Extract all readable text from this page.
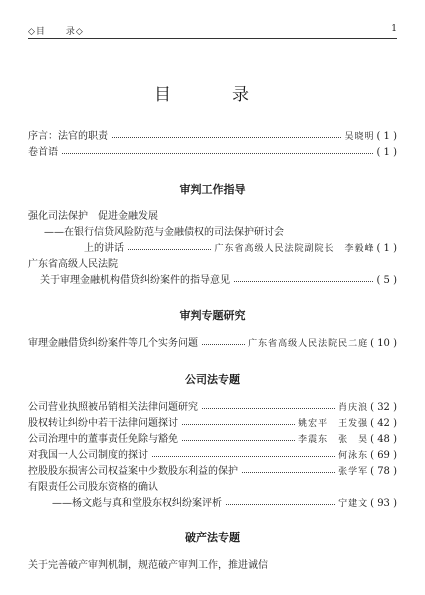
◇目　　录◇	1
目　录
序言：法官的职责	吴晓明 ( 1 )
卷首语	( 1 )
审判工作指导
强化司法保护　促进金融发展
——在银行信贷风险防范与金融债权的司法保护研讨会
上的讲话	广东省高级人民法院副院长　李毅峰 ( 1 )
广东省高级人民法院
关于审理金融机构借贷纠纷案件的指导意见	( 5 )
审判专题研究
审理金融借贷纠纷案件等几个实务问题	广东省高级人民法院民二庭 ( 10 )
公司法专题
公司营业执照被吊销相关法律问题研究	肖庆浪 ( 32 )
股权转让纠纷中若干法律问题探讨	姚宏平　王发强 ( 42 )
公司治理中的董事责任免除与豁免	李震东　张　昊 ( 48 )
对我国一人公司制度的探讨	何泳东 ( 69 )
控股股东损害公司权益案中少数股东利益的保护	张学军 ( 78 )
有限责任公司股东资格的确认
——杨文彪与真和堂股东权纠纷案评析	宁建文 ( 93 )
破产法专题
关于完善破产审判机制，规范破产审判工作，推进诚信
